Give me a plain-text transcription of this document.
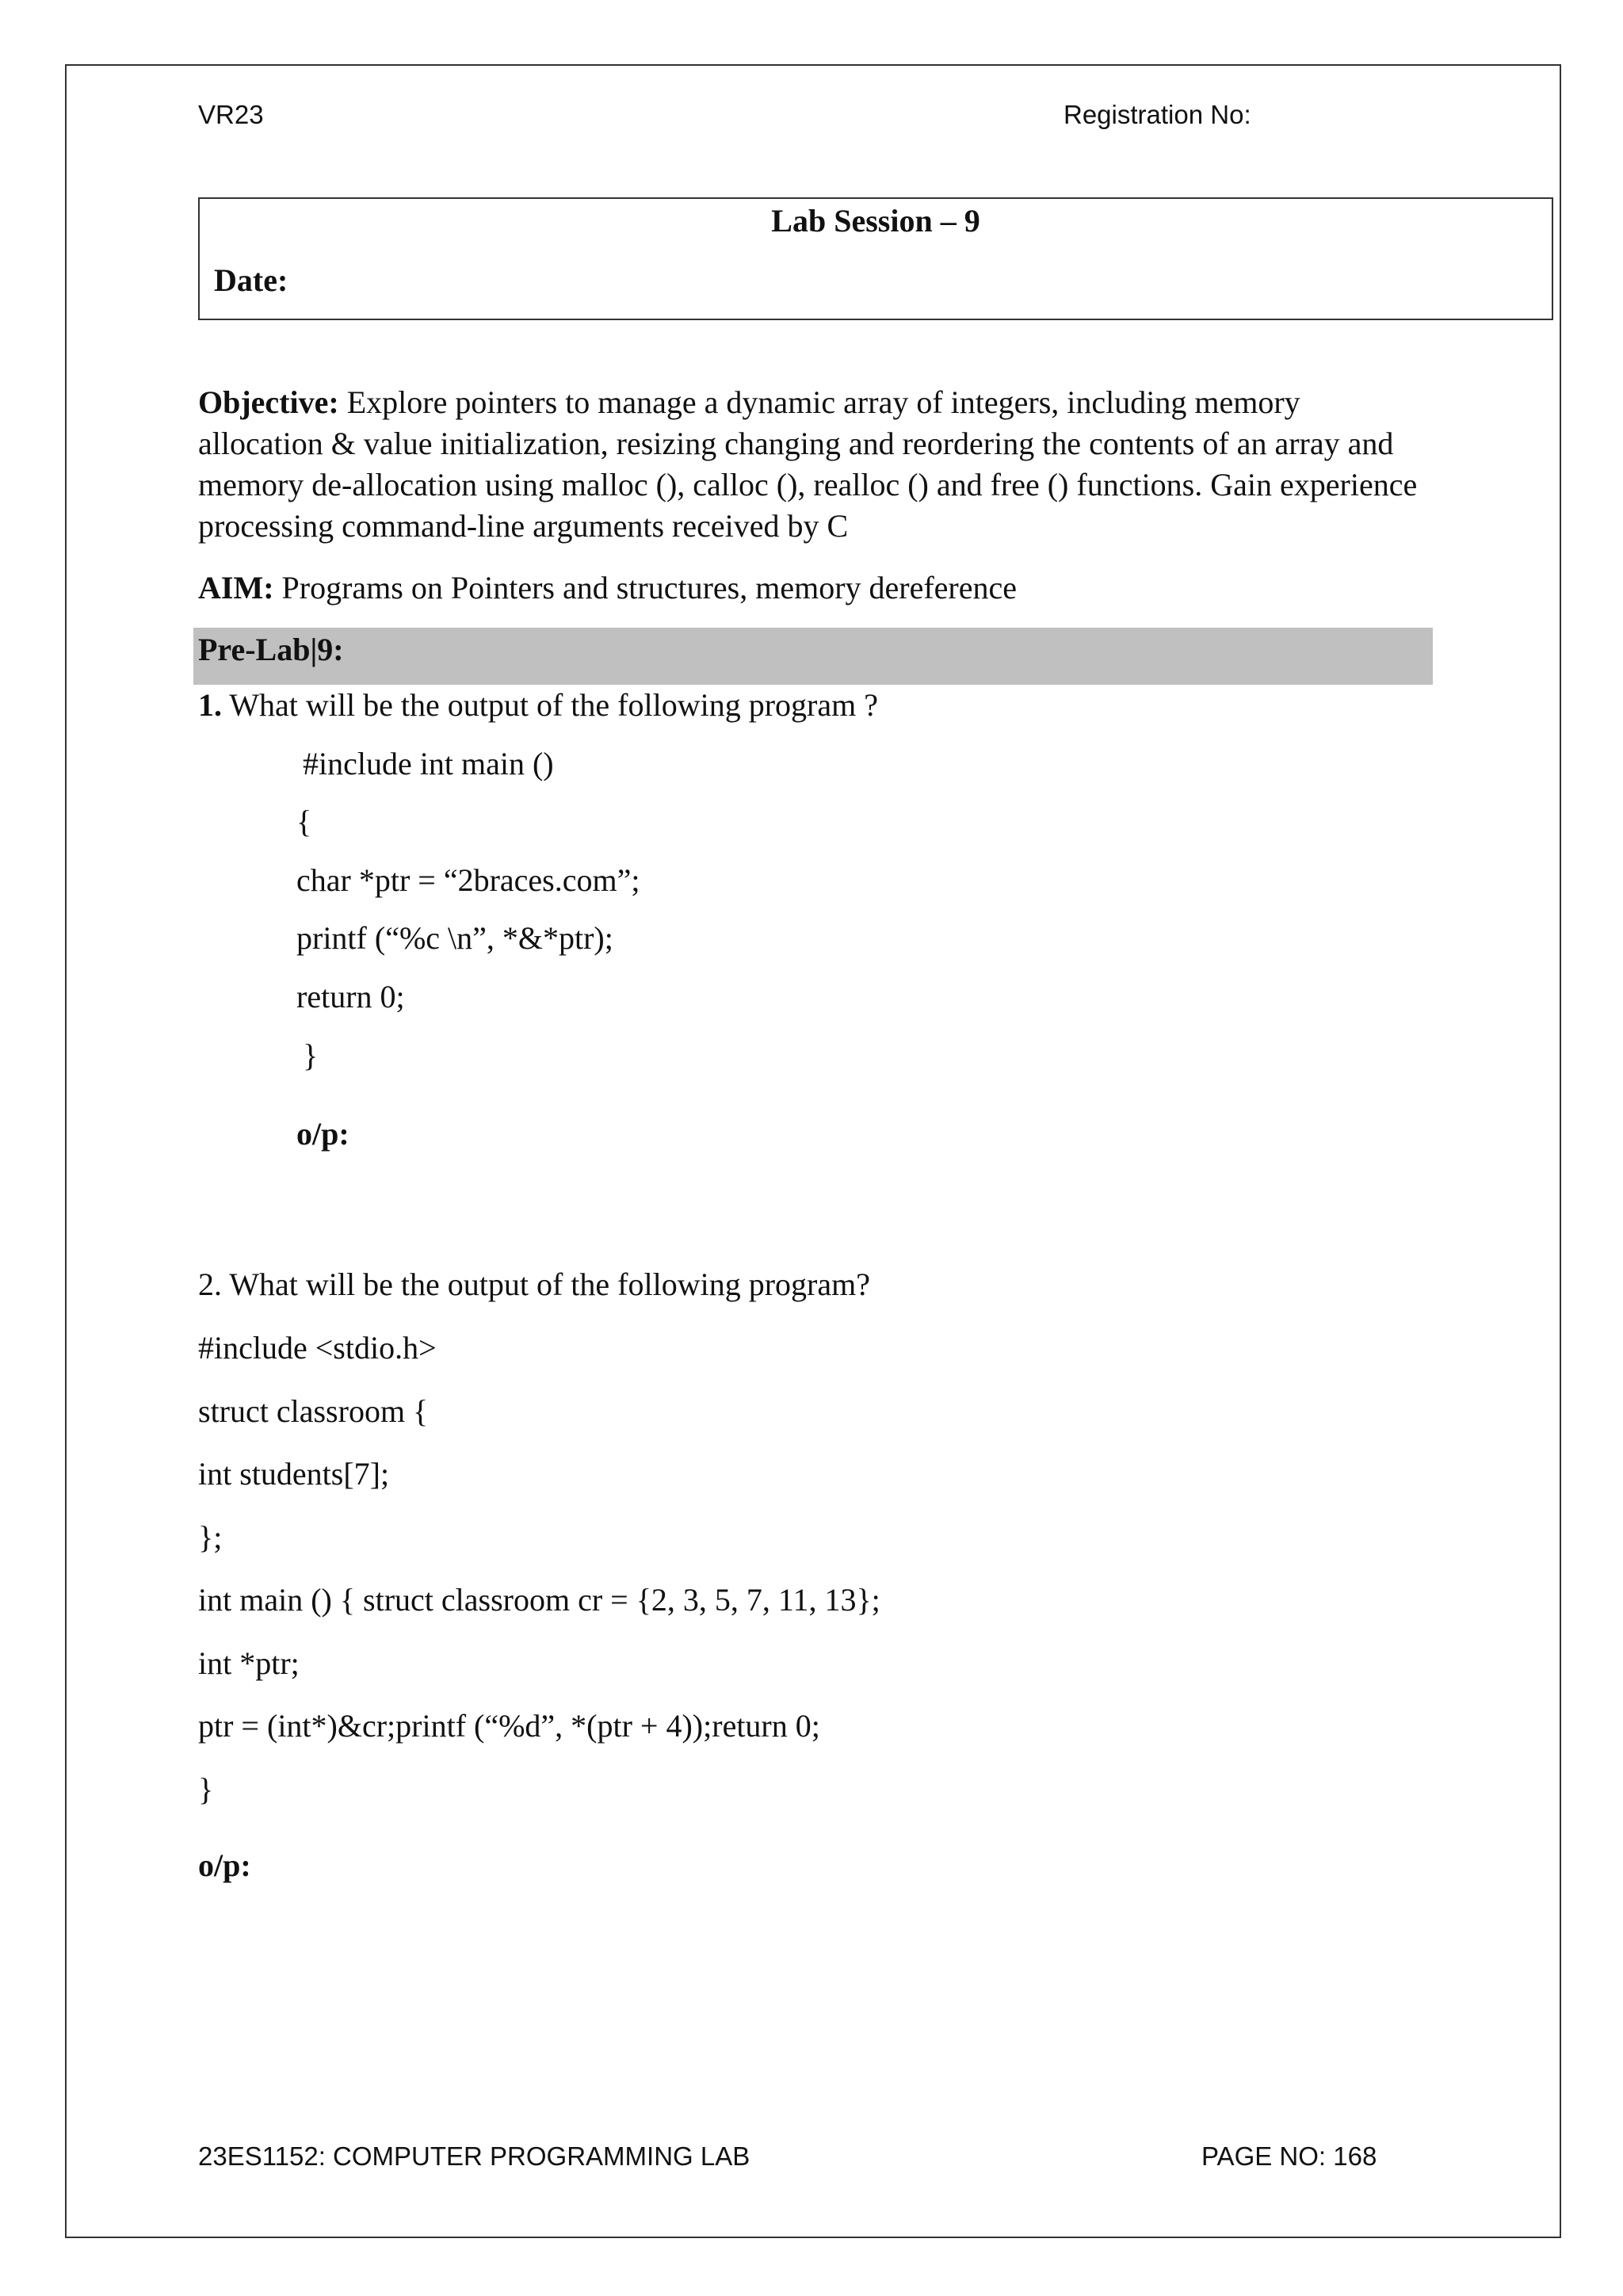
VR23	Registration No:
Lab Session – 9
Date:
Objective: Explore pointers to manage a dynamic array of integers, including memory
allocation & value initialization, resizing changing and reordering the contents of an array and
memory de-allocation using malloc (), calloc (), realloc () and free () functions. Gain experience
processing command-line arguments received by C
AIM: Programs on Pointers and structures, memory dereference
Pre-Lab|9:
1. What will be the output of the following program ?
#include int main ()
{
char *ptr = “2braces.com”;
printf (“%c \n”, *&*ptr);
return 0;
}
o/p:
2. What will be the output of the following program?
#include <stdio.h>
struct classroom {
int students[7];
};
int main () { struct classroom cr = {2, 3, 5, 7, 11, 13};
int *ptr;
ptr = (int*)&cr;printf (“%d”, *(ptr + 4));return 0;
}
o/p:
23ES1152: COMPUTER PROGRAMMING LAB	PAGE NO: 168
